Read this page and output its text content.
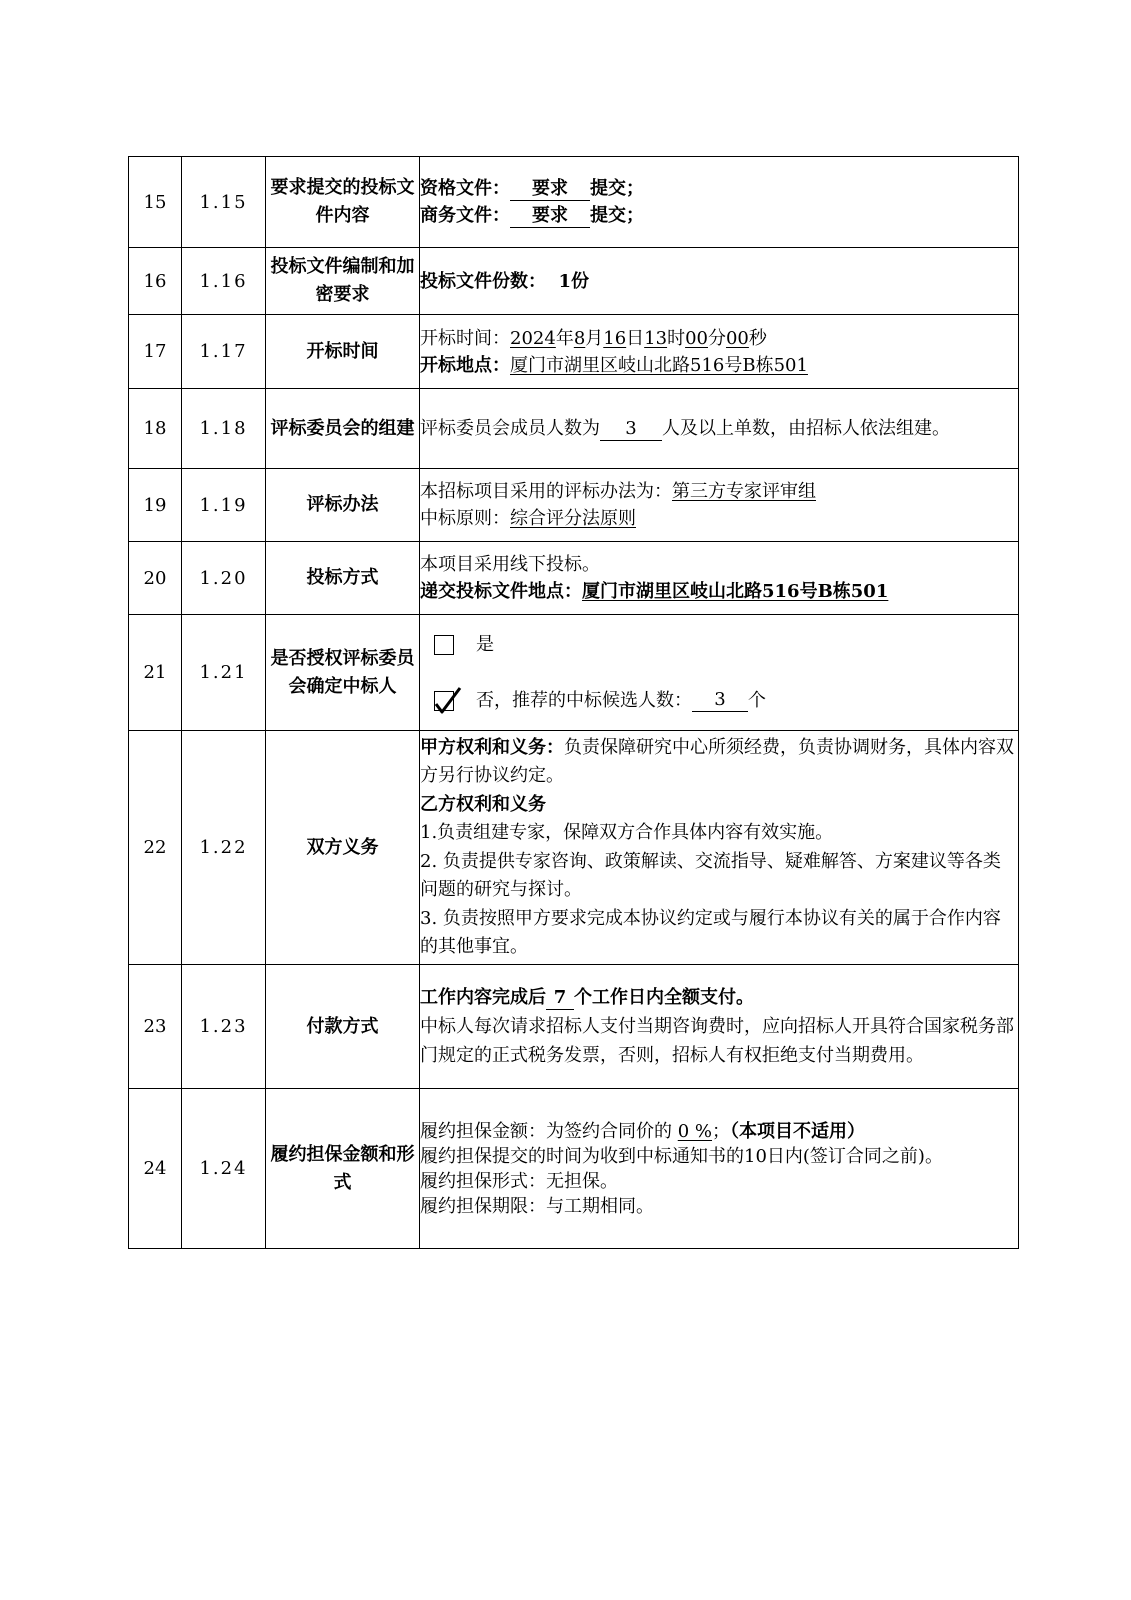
15	1.15	要求提交的投标文件内容	资格文件： 要求 提交；
商务文件： 要求 提交；

16	1.16	投标文件编制和加密要求	投标文件份数：  1份
17	1.17	开标时间	开标时间：2024年8月16日13时00分00秒
开标地点：厦门市湖里区岐山北路516号B栋501

18	1.18	评标委员会的组建	评标委员会成员人数为 3 人及以上单数，由招标人依法组建。
19	1.19	评标办法	本招标项目采用的评标办法为：第三方专家评审组
中标原则：综合评分法原则

20	1.20	投标方式	本项目采用线下投标。
递交投标文件地点：厦门市湖里区岐山北路516号B栋501

21	1.21	是否授权评标委员会确定中标人	是
否，推荐的中标候选人数： 3 个

22	1.22	双方义务	甲方权利和义务：负责保障研究中心所须经费，负责协调财务，具体内容双方另行协议约定。
乙方权利和义务
1.负责组建专家，保障双方合作具体内容有效实施。
2. 负责提供专家咨询、政策解读、交流指导、疑难解答、方案建议等各类问题的研究与探讨。
3. 负责按照甲方要求完成本协议约定或与履行本协议有关的属于合作内容的其他事宜。

23	1.23	付款方式	工作内容完成后 7 个工作日内全额支付。
中标人每次请求招标人支付当期咨询费时，应向招标人开具符合国家税务部门规定的正式税务发票，否则，招标人有权拒绝支付当期费用。

24	1.24	履约担保金额和形式	履约担保金额：为签约合同价的 0 %；（本项目不适用）
履约担保提交的时间为收到中标通知书的10日内(签订合同之前)。
履约担保形式：无担保。
履约担保期限：与工期相同。
